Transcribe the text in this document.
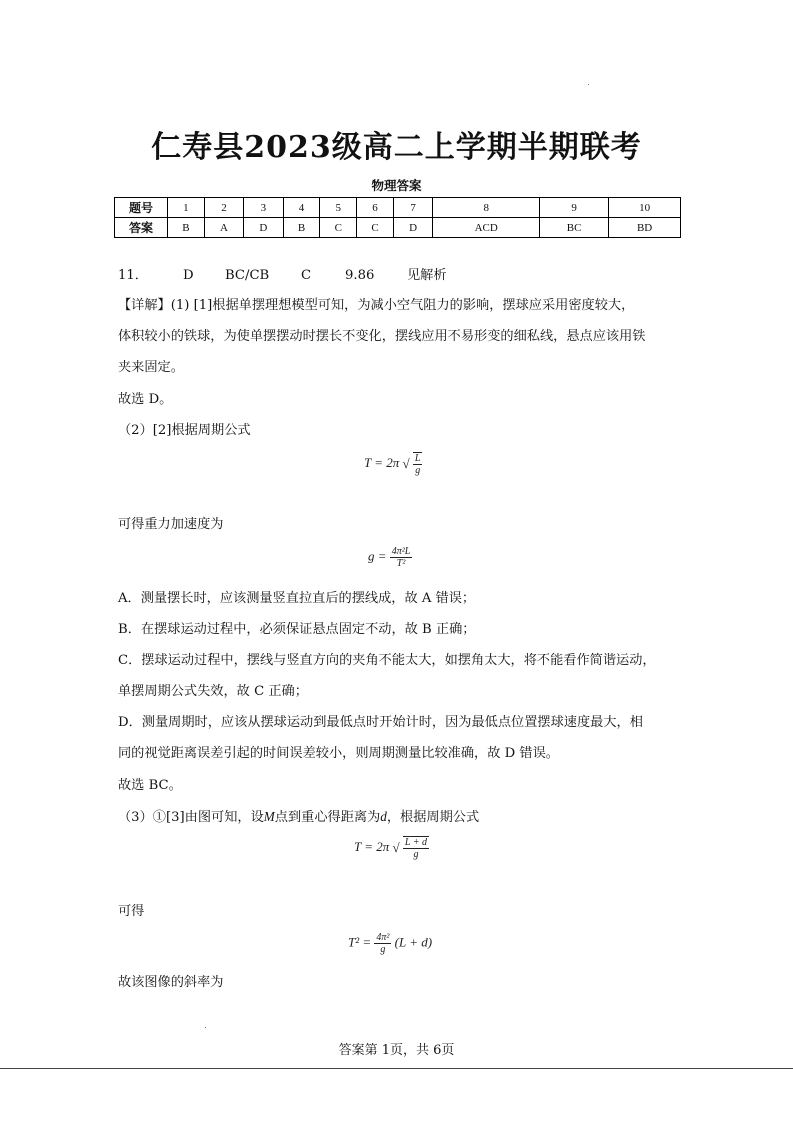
仁寿县2023级高二上学期半期联考
物理答案
题号	1	2	3	4	5	6	7	8	9	10
答案	B	A	D	B	C	C	D	ACD	BC	BD
11．	D BC/CB C	9.86 见解析
【详解】(1) [1]根据单摆理想模型可知，为减小空气阻力的影响，摆球应采用密度较大，
体积较小的铁球，为使单摆摆动时摆长不变化，摆线应用不易形变的细私线，悬点应该用铁
夹来固定。
故选 D。
（2）[2]根据周期公式
T = 2π √ $\frac{L}{g}$
可得重力加速度为
$g = \frac{\text{4π²L}}{\text{T²}}$
A．测量摆长时，应该测量竖直拉直后的摆线成，故 A 错误；
B．在摆球运动过程中，必须保证悬点固定不动，故 B 正确；
C．摆球运动过程中，摆线与竖直方向的夹角不能太大，如摆角太大，将不能看作简谐运动，
单摆周期公式失效，故 C 正确；
D．测量周期时，应该从摆球运动到最低点时开始计时，因为最低点位置摆球速度最大，相
同的视觉距离误差引起的时间误差较小，则周期测量比较准确，故 D 错误。
故选 BC。
（3）①[3]由图可知，设M点到重心得距离为d，根据周期公式
T = 2π √ $\frac{L + d}{g}$
可得
$T^2 = \frac{\text{4π²}}{g} (L + d)$
故该图像的斜率为
答案第 1页，共 6页
